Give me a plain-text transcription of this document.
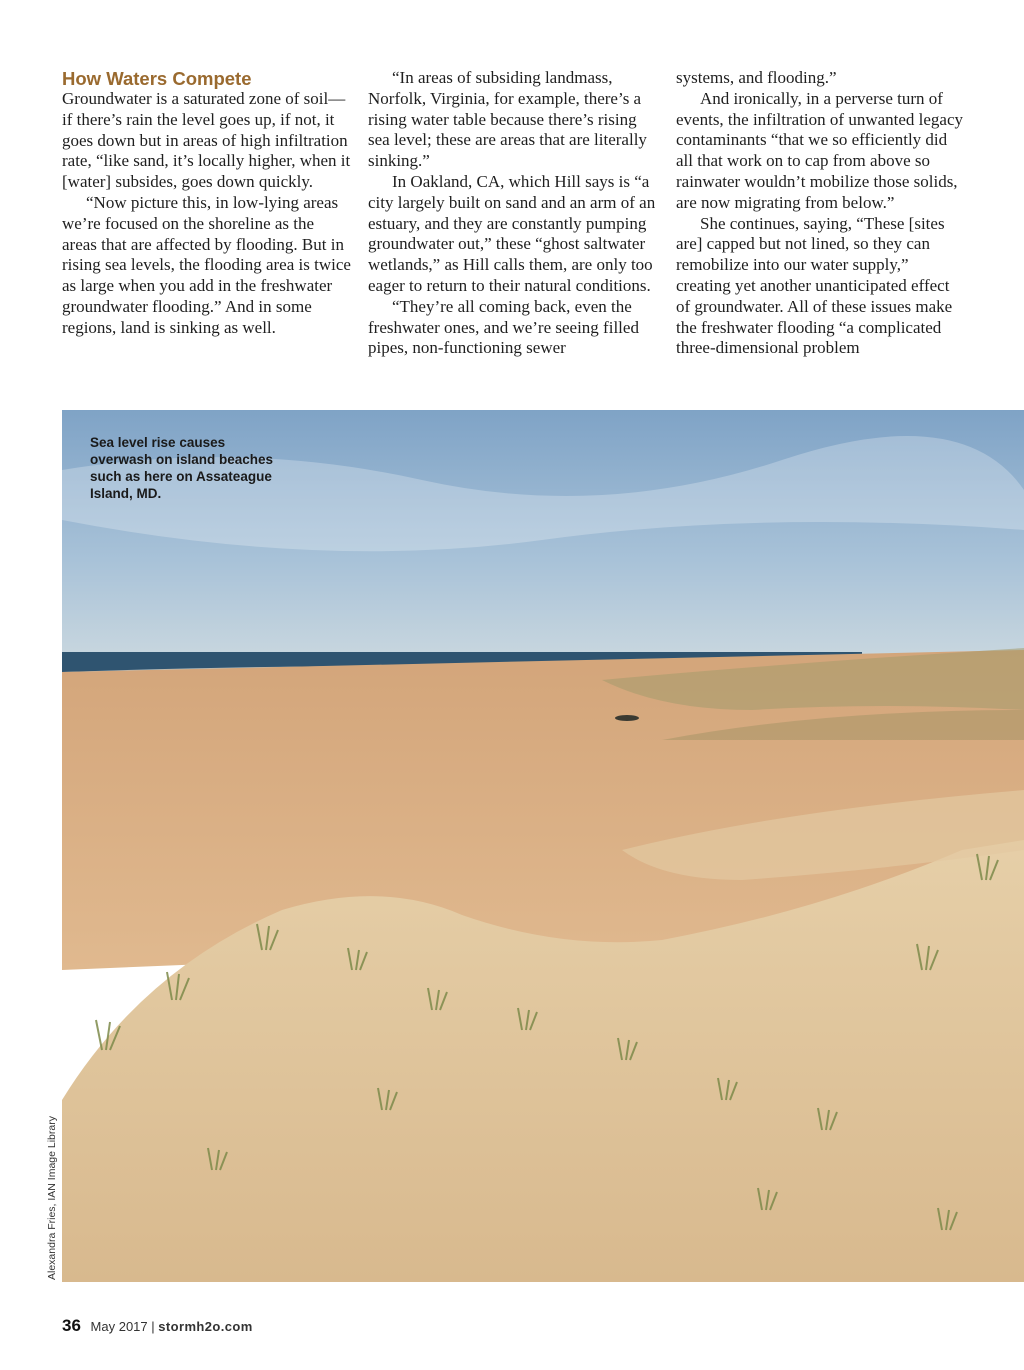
How Waters Compete

Groundwater is a saturated zone of soil—if there’s rain the level goes up, if not, it goes down but in areas of high infiltration rate, “like sand, it’s locally higher, when it [water] subsides, goes down quickly.

“Now picture this, in low-lying areas we’re focused on the shoreline as the areas that are affected by flooding. But in rising sea levels, the flooding area is twice as large when you add in the freshwater groundwater flooding.” And in some regions, land is sinking as well.

“In areas of subsiding landmass, Norfolk, Virginia, for example, there’s a rising water table because there’s rising sea level; these are areas that are literally sinking.”

In Oakland, CA, which Hill says is “a city largely built on sand and an arm of an estuary, and they are constantly pumping groundwater out,” these “ghost saltwater wetlands,” as Hill calls them, are only too eager to return to their natural conditions.

“They’re all coming back, even the freshwater ones, and we’re seeing filled pipes, non-functioning sewer

systems, and flooding.”

And ironically, in a perverse turn of events, the infiltration of unwanted legacy contaminants “that we so efficiently did all that work on to cap from above so rainwater wouldn’t mobilize those solids, are now migrating from below.”

She continues, saying, “These [sites are] capped but not lined, so they can remobilize into our water supply,” creating yet another unanticipated effect of groundwater. All of these issues make the freshwater flooding “a complicated three-dimensional problem

Sea level rise causes overwash on island beaches such as here on Assateague Island, MD.
Alexandra Fries, IAN Image Library
36 May 2017 | stormh2o.com
